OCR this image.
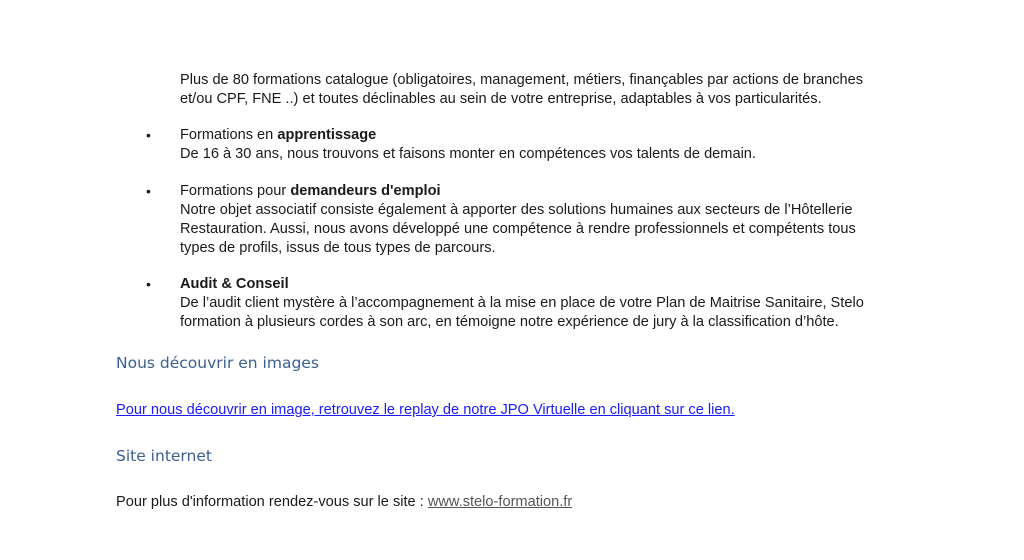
Plus de 80 formations catalogue (obligatoires, management, métiers, finançables par actions de branches
et/ou CPF, FNE ..) et toutes déclinables au sein de votre entreprise, adaptables à vos particularités.
• Formations en apprentissage
De 16 à 30 ans, nous trouvons et faisons monter en compétences vos talents de demain.
• Formations pour demandeurs d'emploi
Notre objet associatif consiste également à apporter des solutions humaines aux secteurs de l’Hôtellerie
Restauration. Aussi, nous avons développé une compétence à rendre professionnels et compétents tous
types de profils, issus de tous types de parcours.
• Audit & Conseil
De l’audit client mystère à l’accompagnement à la mise en place de votre Plan de Maitrise Sanitaire, Stelo
formation à plusieurs cordes à son arc, en témoigne notre expérience de jury à la classification d’hôte.
Nous découvrir en images
Pour nous découvrir en image, retrouvez le replay de notre JPO Virtuelle en cliquant sur ce lien.
Site internet
Pour plus d'information rendez-vous sur le site : www.stelo-formation.fr
